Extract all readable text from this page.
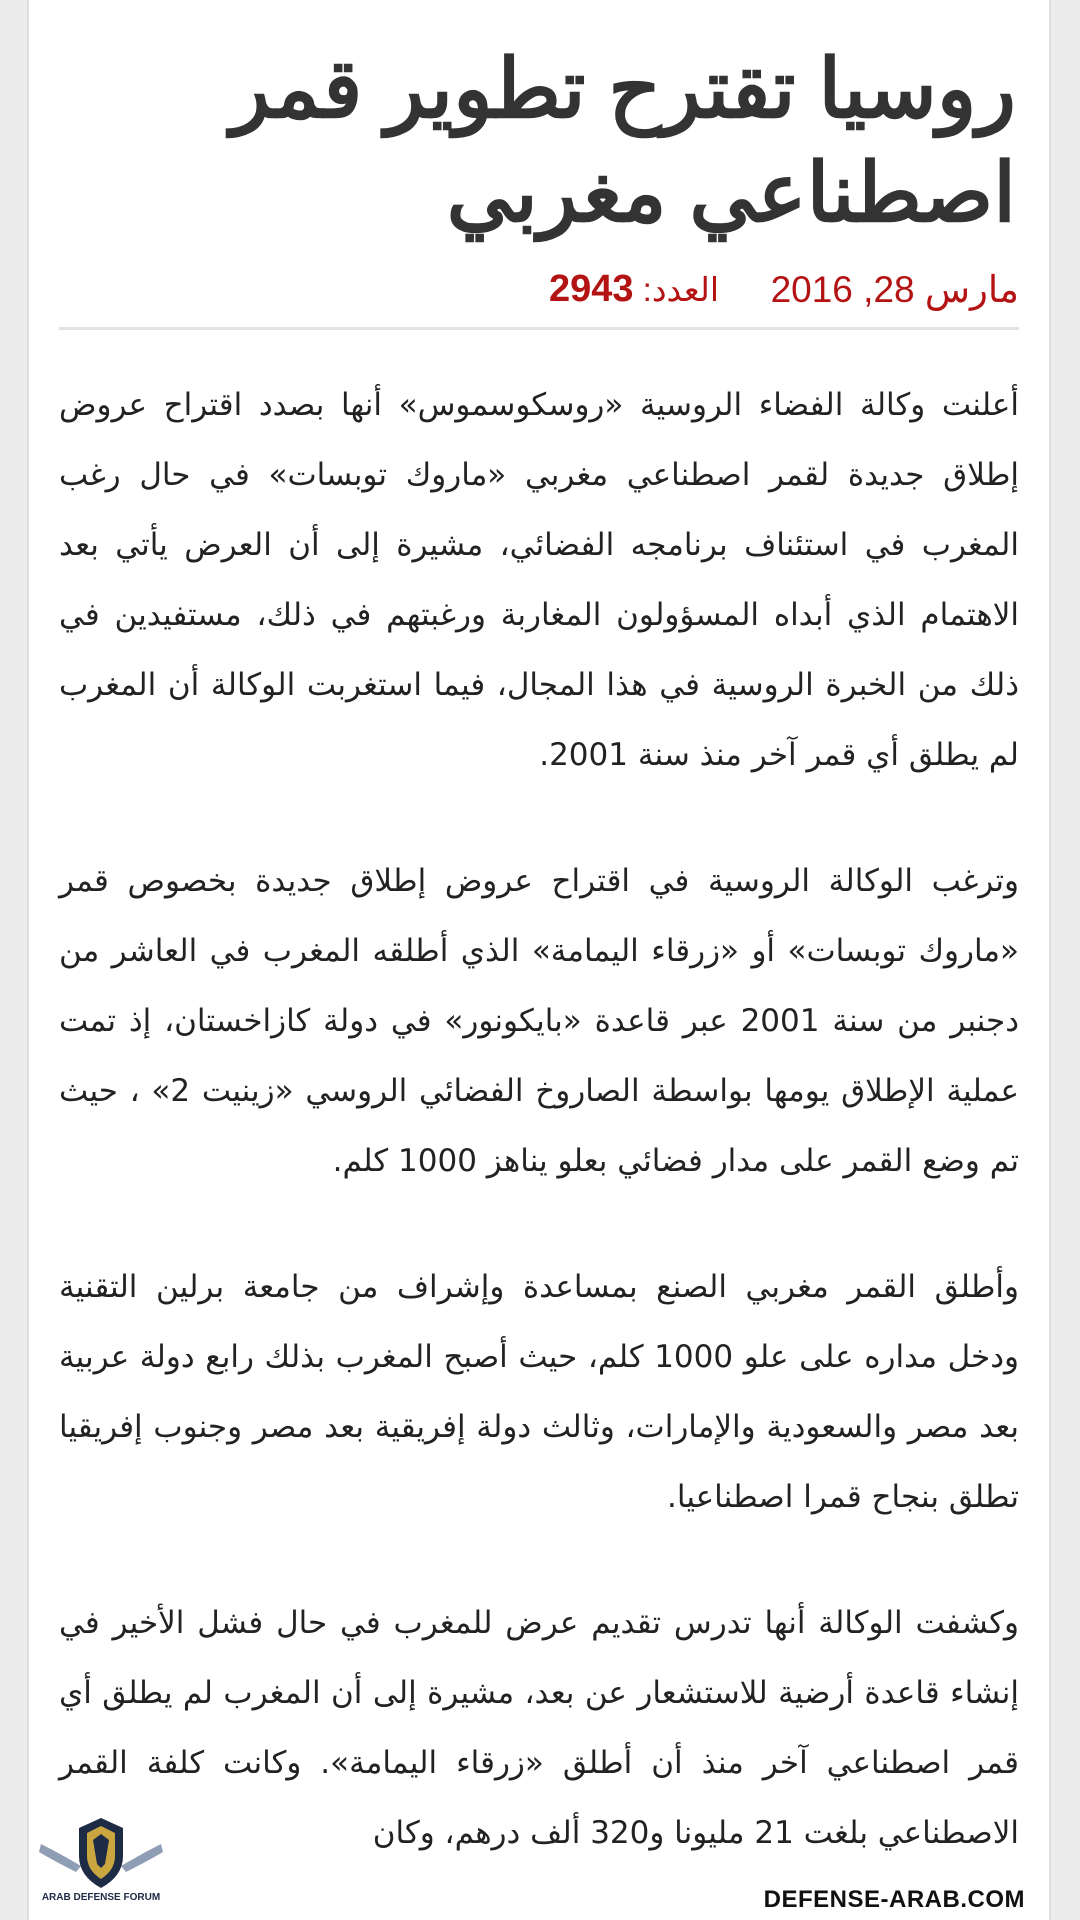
روسيا تقترح تطوير قمر اصطناعي مغربي
مارس 28, 2016
العدد: 2943

أعلنت وكالة الفضاء الروسية «روسكوسموس» أنها بصدد اقتراح عروض إطلاق جديدة لقمر اصطناعي مغربي «ماروك توبسات» في حال رغب المغرب في استئناف برنامجه الفضائي، مشيرة إلى أن العرض يأتي بعد الاهتمام الذي أبداه المسؤولون المغاربة ورغبتهم في ذلك، مستفيدين في ذلك من الخبرة الروسية في هذا المجال، فيما استغربت الوكالة أن المغرب لم يطلق أي قمر آخر منذ سنة 2001.

وترغب الوكالة الروسية في اقتراح عروض إطلاق جديدة بخصوص قمر «ماروك توبسات» أو «زرقاء اليمامة» الذي أطلقه المغرب في العاشر من دجنبر من سنة 2001 عبر قاعدة «بايكونور» في دولة كازاخستان، إذ تمت عملية الإطلاق يومها بواسطة الصاروخ الفضائي الروسي «زينيت 2» ، حيث تم وضع القمر على مدار فضائي بعلو يناهز 1000 كلم.

وأطلق القمر مغربي الصنع بمساعدة وإشراف من جامعة برلين التقنية ودخل مداره على علو 1000 كلم، حيث أصبح المغرب بذلك رابع دولة عربية بعد مصر والسعودية والإمارات، وثالث دولة إفريقية بعد مصر وجنوب إفريقيا تطلق بنجاح قمرا اصطناعيا.

وكشفت الوكالة أنها تدرس تقديم عرض للمغرب في حال فشل الأخير في إنشاء قاعدة أرضية للاستشعار عن بعد، مشيرة إلى أن المغرب لم يطلق أي قمر اصطناعي آخر منذ أن أطلق «زرقاء اليمامة». وكانت كلفة القمر الاصطناعي بلغت 21 مليونا و320 ألف درهم، وكان

ARAB DEFENSE FORUM	DEFENSE-ARAB.COM
